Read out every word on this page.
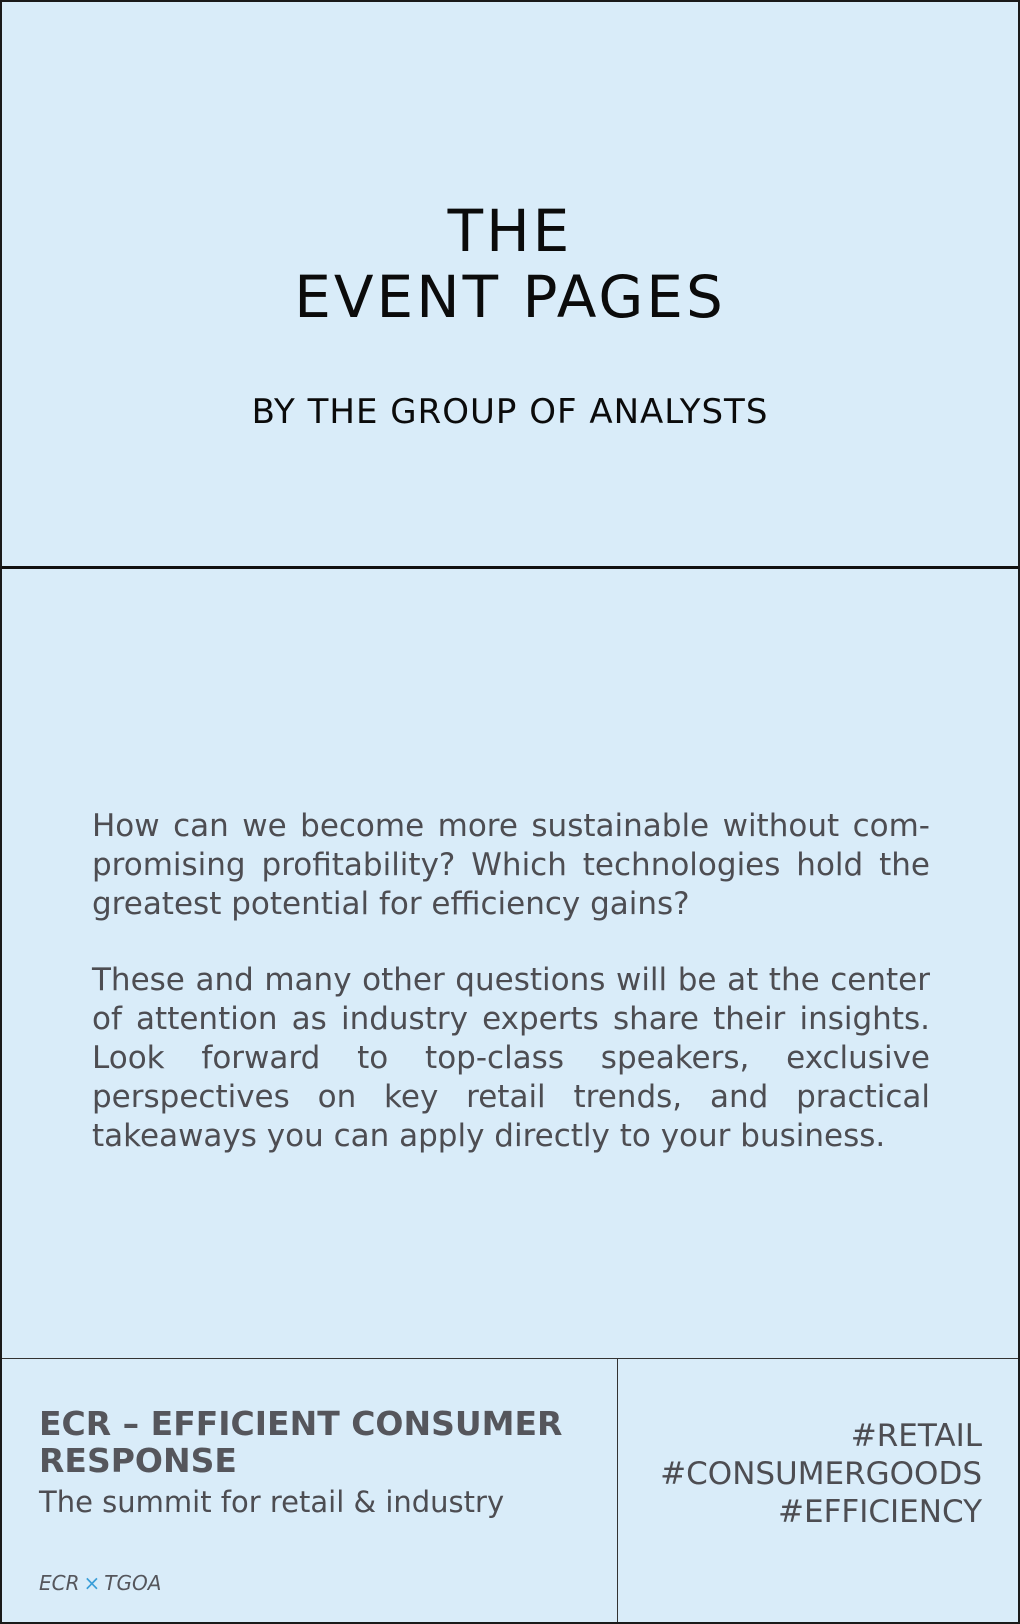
THE
EVENT PAGES
BY THE GROUP OF ANALYSTS

How can we become more sustainable without com-promising profitability? Which technologies hold the greatest potential for efficiency gains?

These and many other questions will be at the center of attention as industry experts share their insights. Look forward to top-class speakers, exclusive perspectives on key retail trends, and practical takeaways you can apply directly to your business.

ECR – EFFICIENT CONSUMER RESPONSE
The summit for retail & industry
ECR × TGOA
#RETAIL
#CONSUMERGOODS
#EFFICIENCY
